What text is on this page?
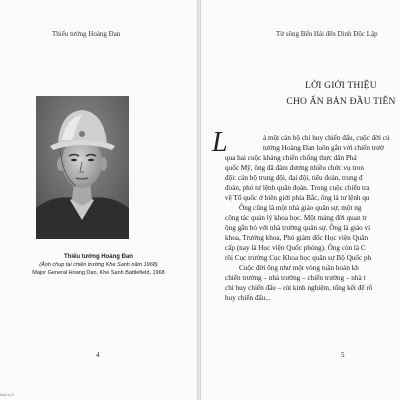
Thiếu tướng Hoàng Đan
Thiếu tướng Hoàng Đan
(Ảnh chụp tại chiến trường Khe Sanh năm 1968)
Major General Hoang Dan, Khe Sanh Battlefield, 1968
4
ndd 4-5
Từ sông Bến Hải đến Dinh Độc Lập
LỜI GIỚI THIỆU
CHO ẤN BẢN ĐẦU TIÊN
L	à một cán bộ chỉ huy chiến đấu, cuộc đời củ
tướng Hoàng Đan luôn gắn với chiến trườ
qua hai cuộc kháng chiến chống thực dân Phá
quốc Mỹ, ông đã đảm đương nhiều chức vụ tron
đội: cán bộ trung đội, đại đội, tiểu đoàn, trung đ
đoàn, phó tư lệnh quân đoàn. Trong cuộc chiến tra
vệ Tổ quốc ở biên giới phía Bắc, ông là tư lệnh qu
Ông cũng là một nhà giáo quân sự, một ng
công tác quản lý khoa học. Một mảng đời quan tr
ông gắn bó với nhà trường quân sự. Ông là giáo vi
khoa, Trưởng khoa, Phó giám đốc Học viện Quân
cấp (nay là Học viện Quốc phòng). Ông còn là C
rồi Cục trưởng Cục Khoa học quân sự Bộ Quốc ph
Cuộc đời ông như một vòng tuần hoàn kh
chiến trường – nhà trường – chiến trường – nhà t
chỉ huy chiến đấu – rút kinh nghiệm, tổng kết để rồ
huy chiến đấu...
5
